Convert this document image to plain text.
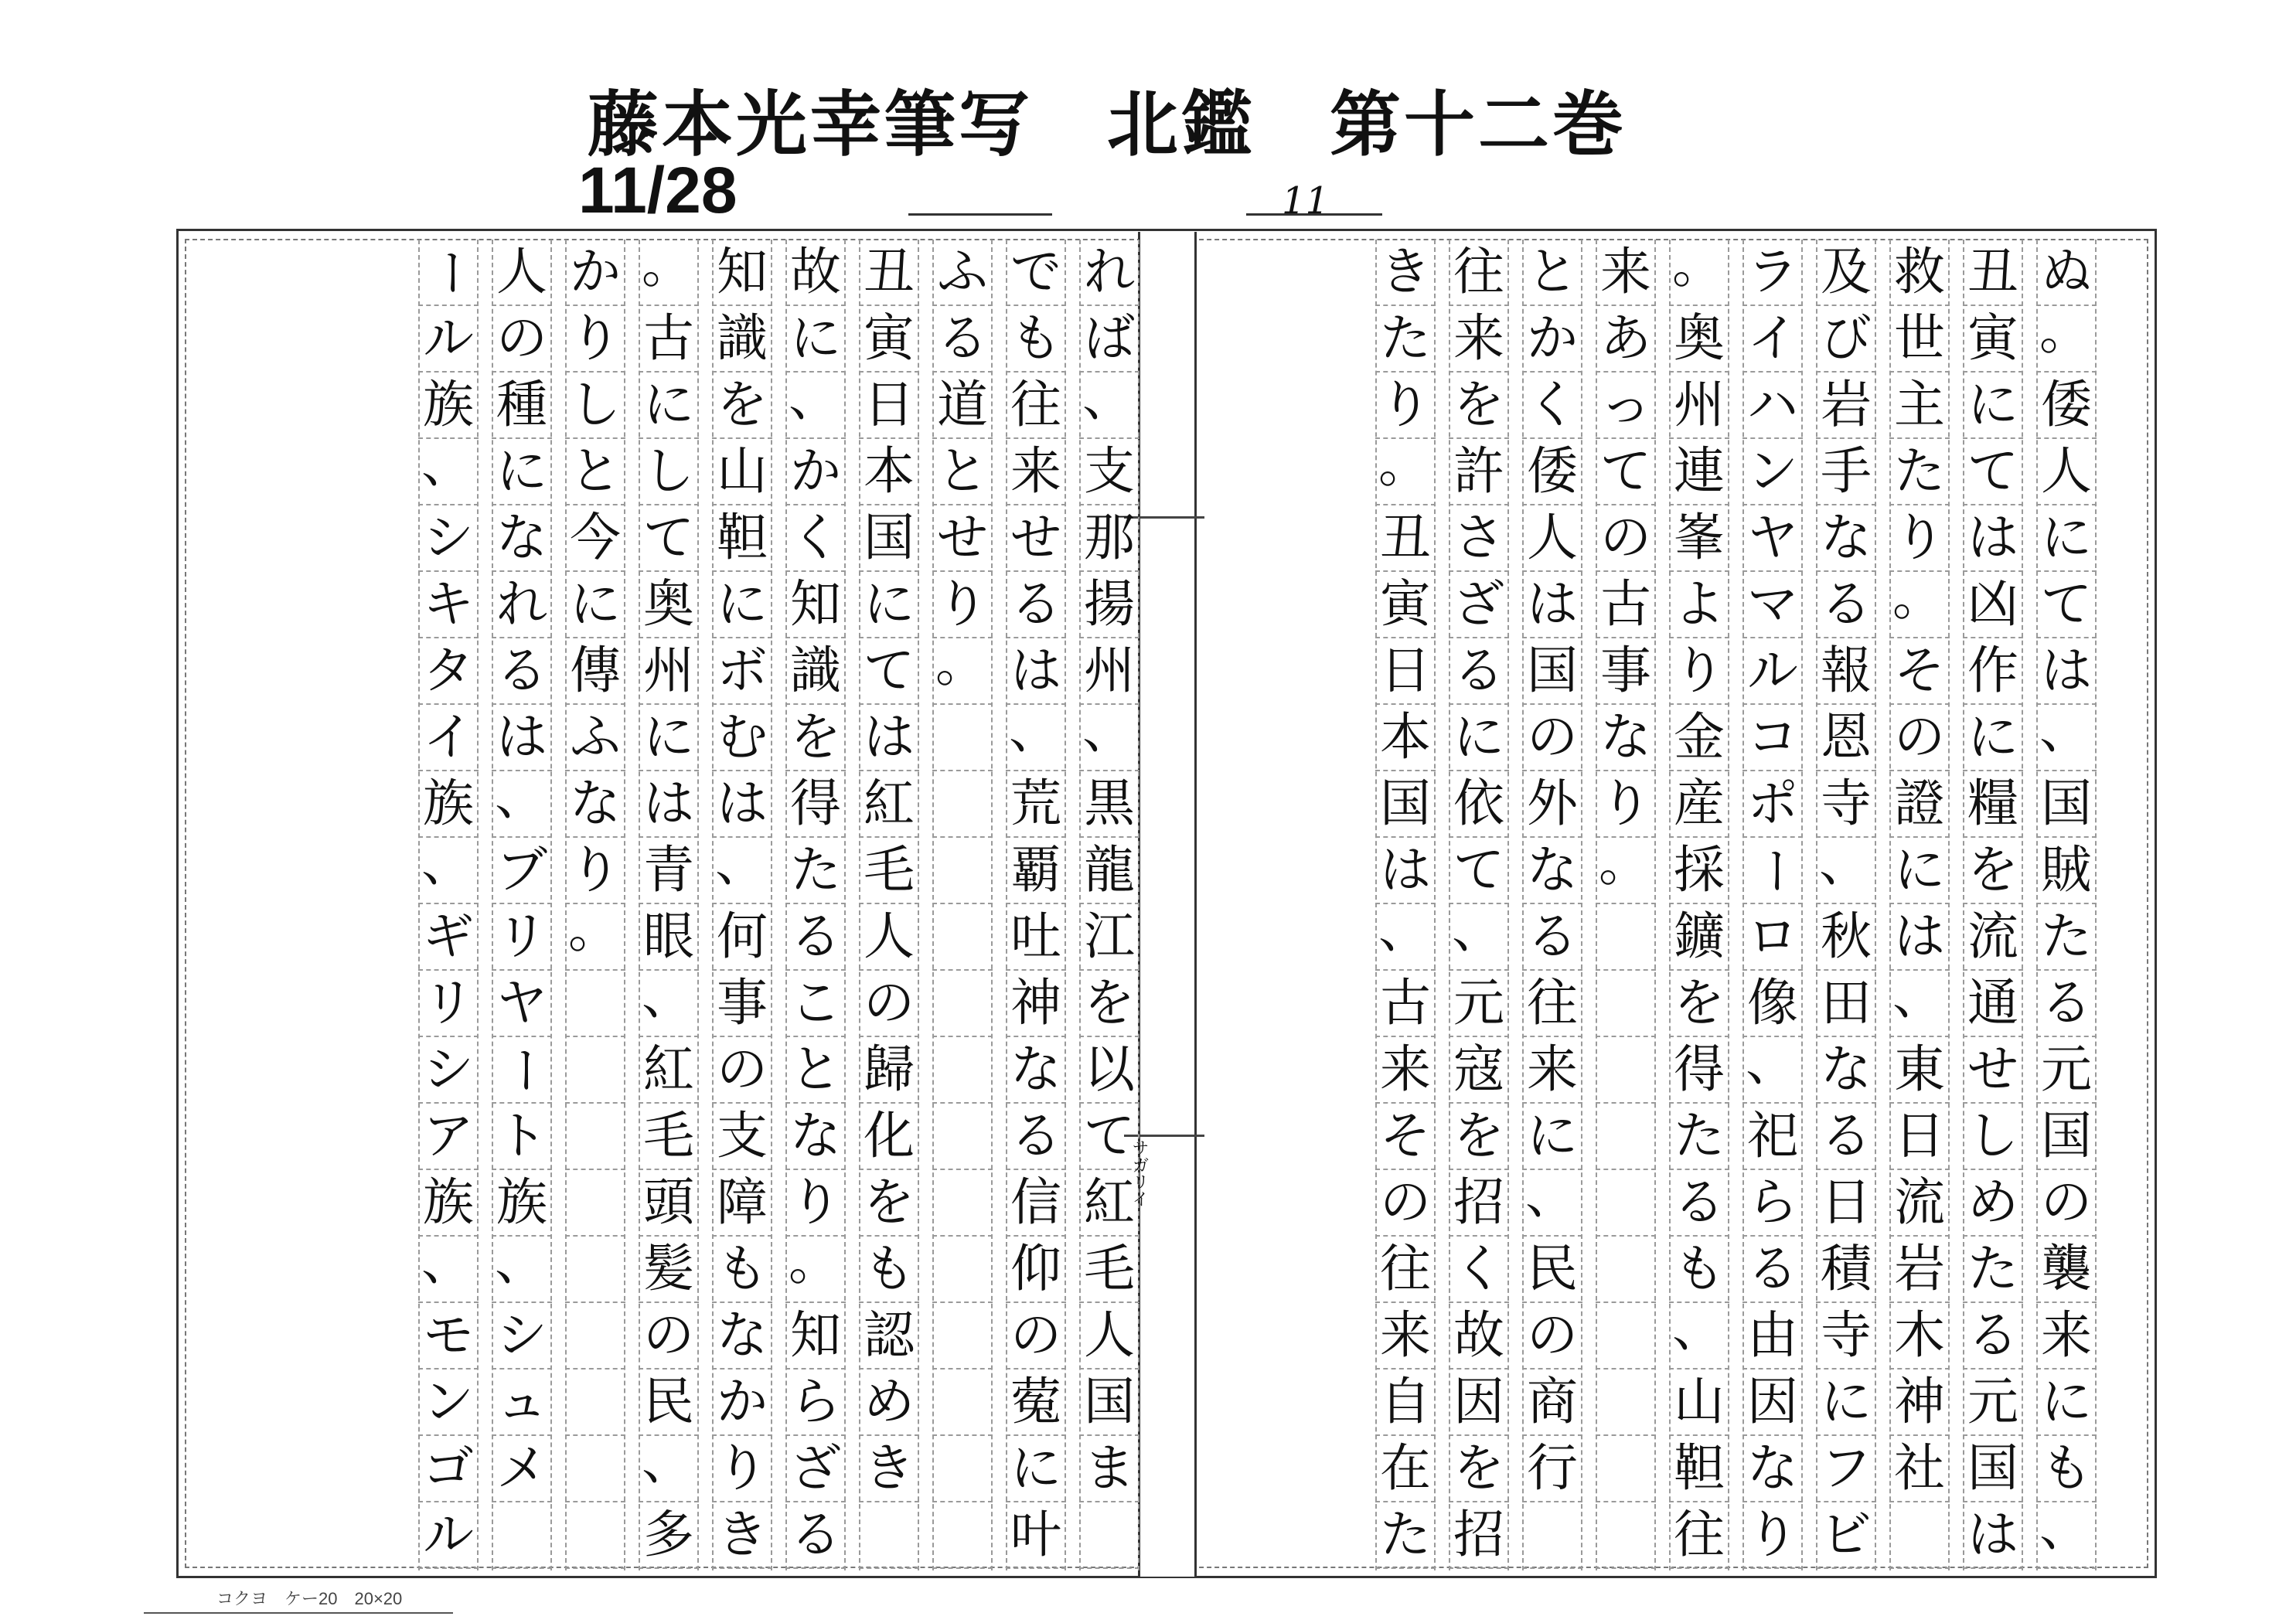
藤本光幸筆写　北鑑　第十二巻
11/28	11
ぬ
。
倭
人
に
て
は
、
国
賊
た
る
元
国
の
襲
来
に
も
、
丑
寅
に
て
は
凶
作
に
糧
を
流
通
せ
し
め
た
る
元
国
は
救
世
主
た
り
。
そ
の
證
に
は
、
東
日
流
岩
木
神
社
及
び
岩
手
な
る
報
恩
寺
、
秋
田
な
る
日
積
寺
に
フ
ビ
ラ
イ
ハ
ン
ヤ
マ
ル
コ
ポ
ー
ロ
像
、
祀
ら
る
由
因
な
り
。
奥
州
連
峯
よ
り
金
産
採
鑛
を
得
た
る
も
、
山
靼
往
来
あ
っ
て
の
古
事
な
り
。
と
か
く
倭
人
は
国
の
外
な
る
往
来
に
、
民
の
商
行
往
来
を
許
さ
ざ
る
に
依
て
、
元
寇
を
招
く
故
因
を
招
き
た
り
。
丑
寅
日
本
国
は
、
古
来
そ
の
往
来
自
在
た
れ
ば
、
支
那
揚
州
、
黒
龍
江
を
以
て
紅
毛
人
国
ま
で
も
往
来
せ
る
は
、
荒
覇
吐
神
な
る
信
仰
の
蒬
に
叶
ふ
る
道
と
せ
り
。
丑
寅
日
本
国
に
て
は
紅
毛
人
の
歸
化
を
も
認
め
き
故
に
、
か
く
知
識
を
得
た
る
こ
と
な
り
。
知
ら
ざ
る
知
識
を
山
靼
に
ボ
む
は
、
何
事
の
支
障
も
な
か
り
き
。
古
に
し
て
奥
州
に
は
青
眼
、
紅
毛
頭
髪
の
民
、
多
か
り
し
と
今
に
傳
ふ
な
り
。
人
の
種
に
な
れ
る
は
、
ブ
リ
ヤ
ー
ト
族
、
シ
ュ
メ
ー
ル
族
、
シ
キ
タ
イ
族
、
ギ
リ
シ
ア
族
、
モ
ン
ゴ
ル
サガリイ
コクヨ　ケー20　20×20
